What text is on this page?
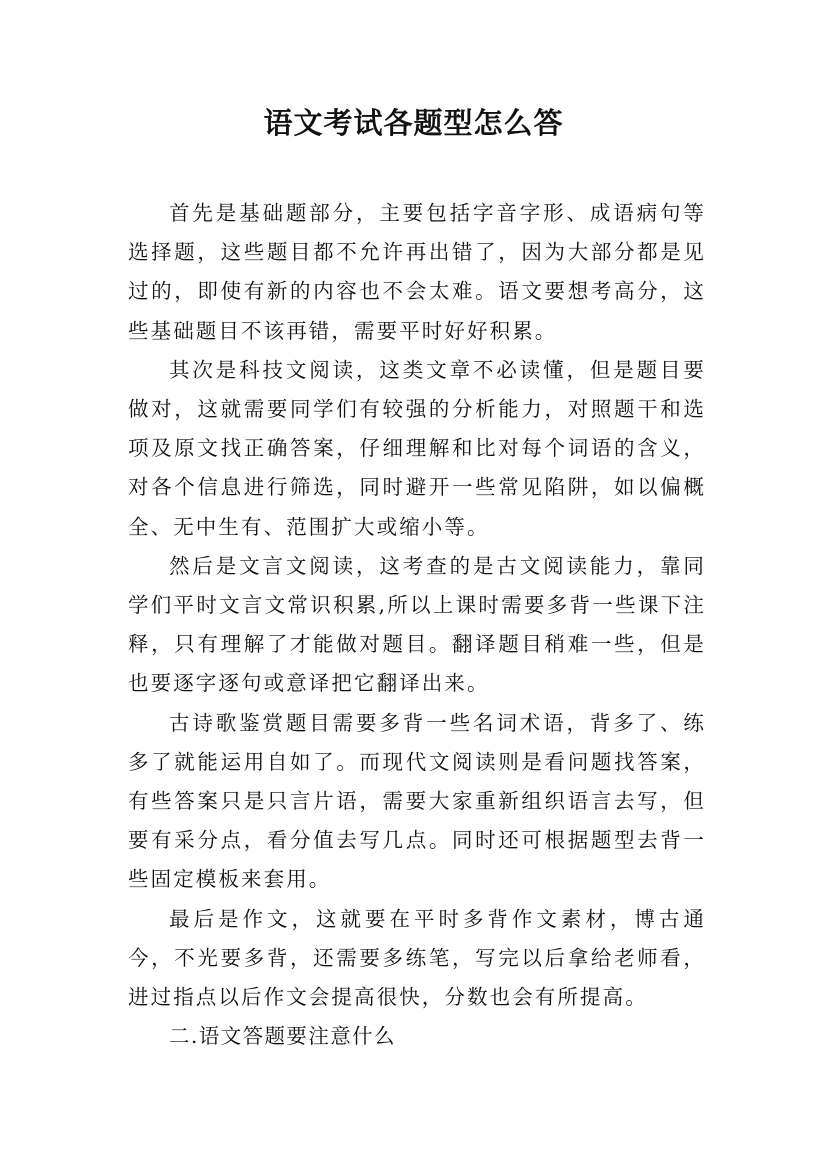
语文考试各题型怎么答

首先是基础题部分，主要包括字音字形、成语病句等选择题，这些题目都不允许再出错了，因为大部分都是见过的，即使有新的内容也不会太难。语文要想考高分，这些基础题目不该再错，需要平时好好积累。

其次是科技文阅读，这类文章不必读懂，但是题目要做对，这就需要同学们有较强的分析能力，对照题干和选项及原文找正确答案，仔细理解和比对每个词语的含义，对各个信息进行筛选，同时避开一些常见陷阱，如以偏概全、无中生有、范围扩大或缩小等。

然后是文言文阅读，这考查的是古文阅读能力，靠同学们平时文言文常识积累,所以上课时需要多背一些课下注释，只有理解了才能做对题目。翻译题目稍难一些，但是也要逐字逐句或意译把它翻译出来。

古诗歌鉴赏题目需要多背一些名词术语，背多了、练多了就能运用自如了。而现代文阅读则是看问题找答案，有些答案只是只言片语，需要大家重新组织语言去写，但要有采分点，看分值去写几点。同时还可根据题型去背一些固定模板来套用。

最后是作文，这就要在平时多背作文素材，博古通今，不光要多背，还需要多练笔，写完以后拿给老师看，进过指点以后作文会提高很快，分数也会有所提高。

二.语文答题要注意什么
